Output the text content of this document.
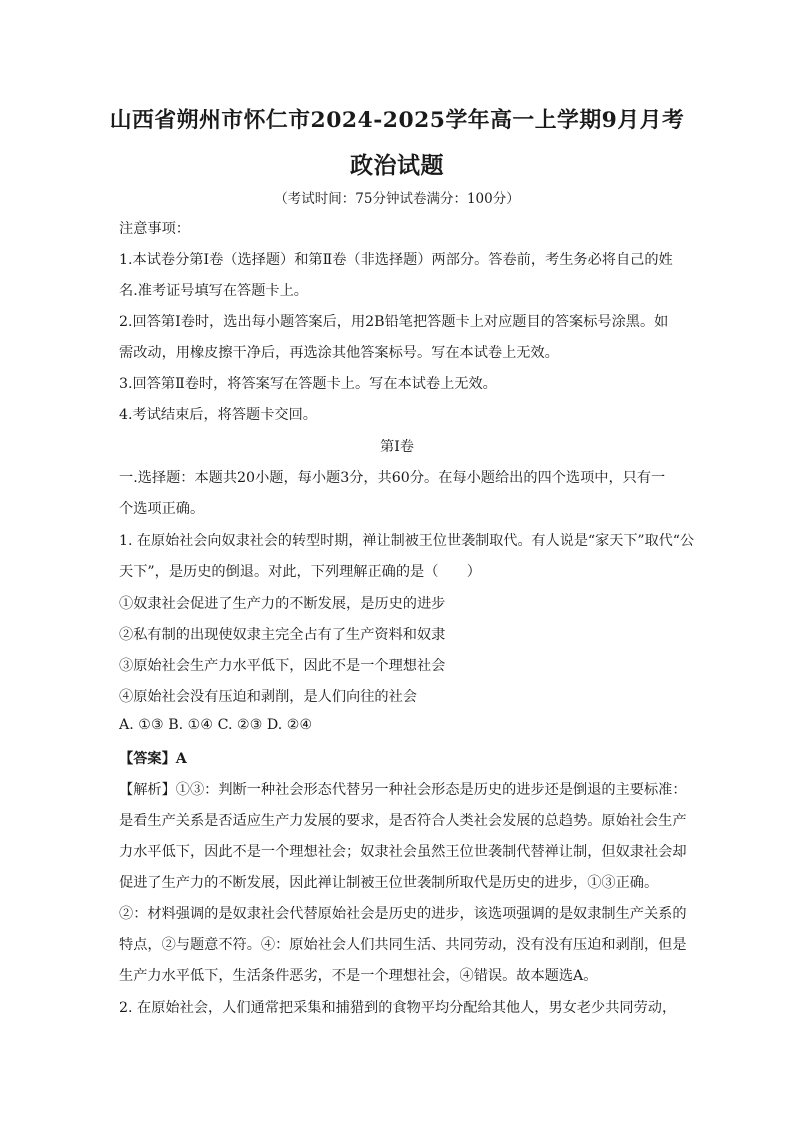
山西省朔州市怀仁市2024-2025学年高一上学期9月月考
政治试题
（考试时间：75分钟试卷满分：100分）
注意事项：
1.本试卷分第Ⅰ卷（选择题）和第Ⅱ卷（非选择题）两部分。答卷前，考生务必将自己的姓
名.准考证号填写在答题卡上。
2.回答第Ⅰ卷时，选出每小题答案后，用2B铅笔把答题卡上对应题目的答案标号涂黑。如
需改动，用橡皮擦干净后，再选涂其他答案标号。写在本试卷上无效。
3.回答第Ⅱ卷时，将答案写在答题卡上。写在本试卷上无效。
4.考试结束后，将答题卡交回。
第Ⅰ卷
一.选择题：本题共20小题，每小题3分，共60分。在每小题给出的四个选项中，只有一
个选项正确。
1. 在原始社会向奴隶社会的转型时期，禅让制被王位世袭制取代。有人说是“家天下”取代“公
天下”，是历史的倒退。对此，下列理解正确的是（　　）
①奴隶社会促进了生产力的不断发展，是历史的进步
②私有制的出现使奴隶主完全占有了生产资料和奴隶
③原始社会生产力水平低下，因此不是一个理想社会
④原始社会没有压迫和剥削，是人们向往的社会
A. ①③ B. ①④ C. ②③ D. ②④
【答案】A
【解析】①③：判断一种社会形态代替另一种社会形态是历史的进步还是倒退的主要标准：
是看生产关系是否适应生产力发展的要求，是否符合人类社会发展的总趋势。原始社会生产
力水平低下，因此不是一个理想社会；奴隶社会虽然王位世袭制代替禅让制，但奴隶社会却
促进了生产力的不断发展，因此禅让制被王位世袭制所取代是历史的进步，①③正确。
②：材料强调的是奴隶社会代替原始社会是历史的进步，该选项强调的是奴隶制生产关系的
特点，②与题意不符。④：原始社会人们共同生活、共同劳动，没有没有压迫和剥削，但是
生产力水平低下，生活条件恶劣，不是一个理想社会，④错误。故本题选A。
2. 在原始社会，人们通常把采集和捕猎到的食物平均分配给其他人，男女老少共同劳动，
